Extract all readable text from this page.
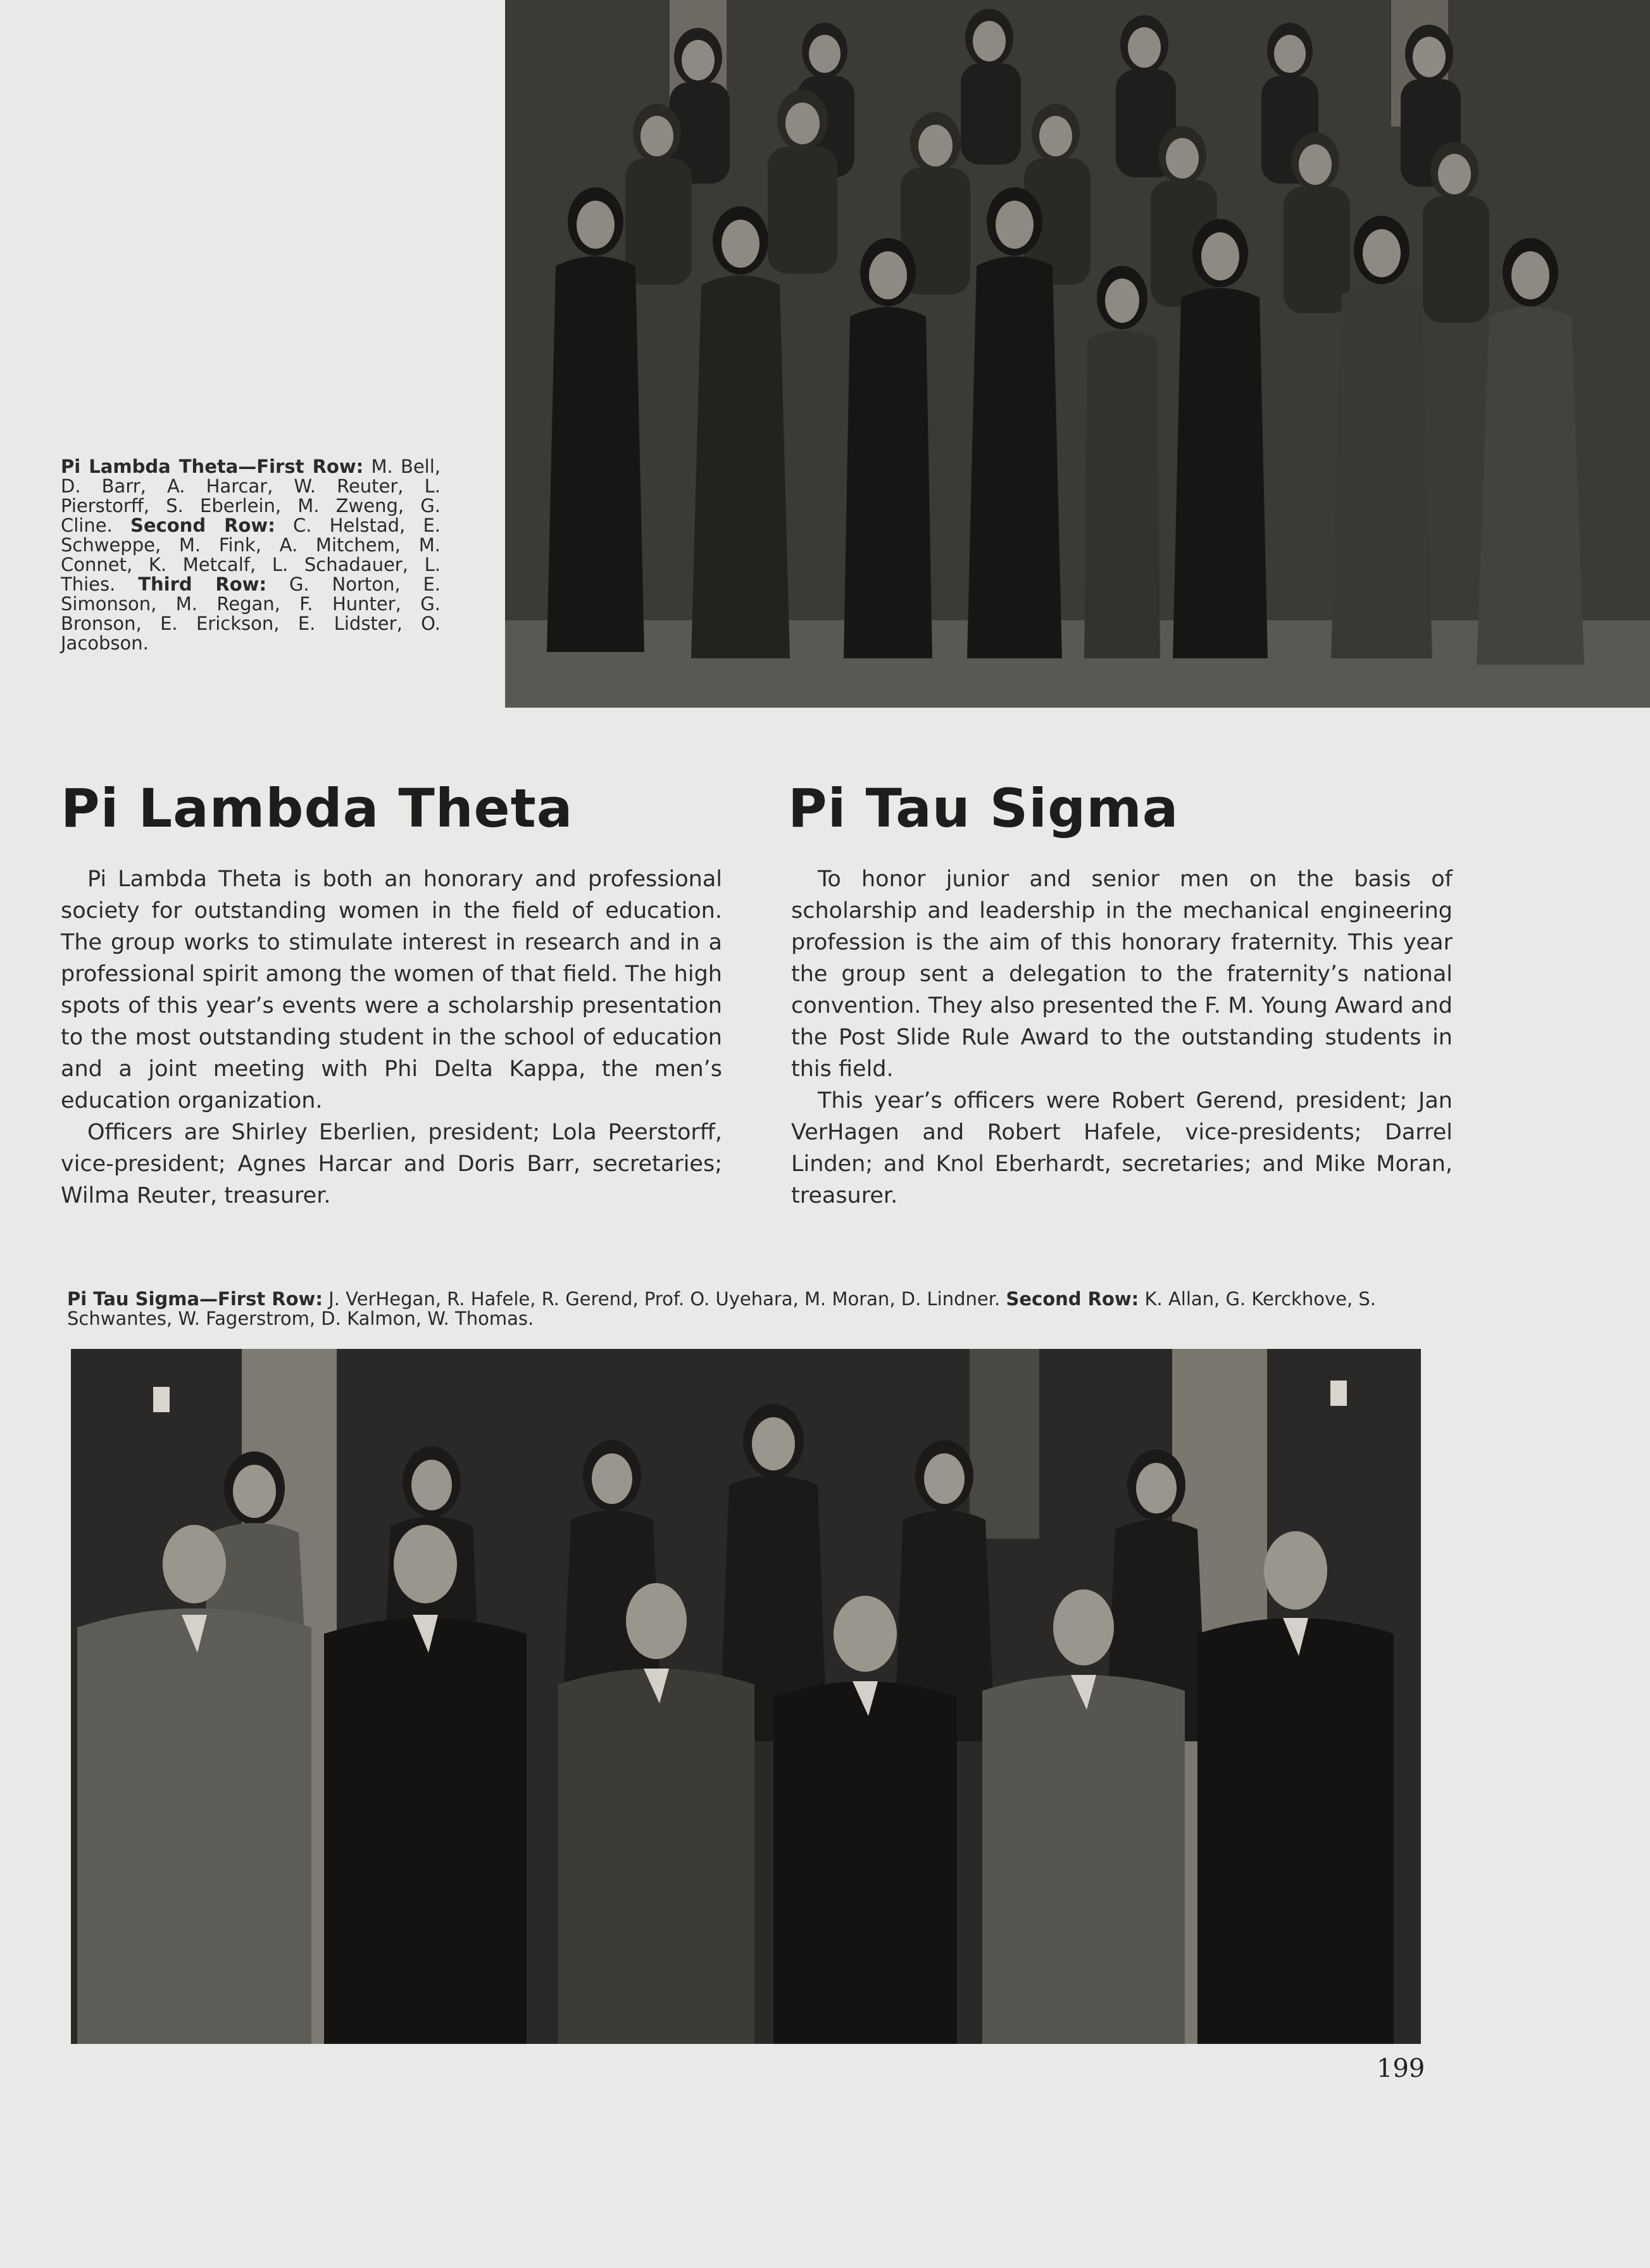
Pi Lambda Theta—First Row: M. Bell, D. Barr, A. Harcar, W. Reuter, L. Pierstorff, S. Eberlein, M. Zweng, G. Cline. Second Row: C. Helstad, E. Schweppe, M. Fink, A. Mitchem, M. Connet, K. Metcalf, L. Schadauer, L. Thies. Third Row: G. Norton, E. Simonson, M. Regan, F. Hunter, G. Bronson, E. Erickson, E. Lidster, O. Jacobson.
Pi Lambda Theta	Pi Tau Sigma

Pi Lambda Theta is both an honorary and professional society for outstanding women in the field of education. The group works to stimulate interest in research and in a professional spirit among the women of that field. The high spots of this year’s events were a scholarship presentation to the most outstanding student in the school of education and a joint meeting with Phi Delta Kappa, the men’s education organization.

Officers are Shirley Eberlien, president; Lola Peerstorff, vice-president; Agnes Harcar and Doris Barr, secretaries; Wilma Reuter, treasurer.

To honor junior and senior men on the basis of scholarship and leadership in the mechanical engineering profession is the aim of this honorary fraternity. This year the group sent a delegation to the fraternity’s national convention. They also presented the F. M. Young Award and the Post Slide Rule Award to the outstanding students in this field.

This year’s officers were Robert Gerend, president; Jan VerHagen and Robert Hafele, vice-presidents; Darrel Linden; and Knol Eberhardt, secretaries; and Mike Moran, treasurer.

Pi Tau Sigma—First Row: J. VerHegan, R. Hafele, R. Gerend, Prof. O. Uyehara, M. Moran, D. Lindner. Second Row: K. Allan, G. Kerckhove, S. Schwantes, W. Fagerstrom, D. Kalmon, W. Thomas.
199
